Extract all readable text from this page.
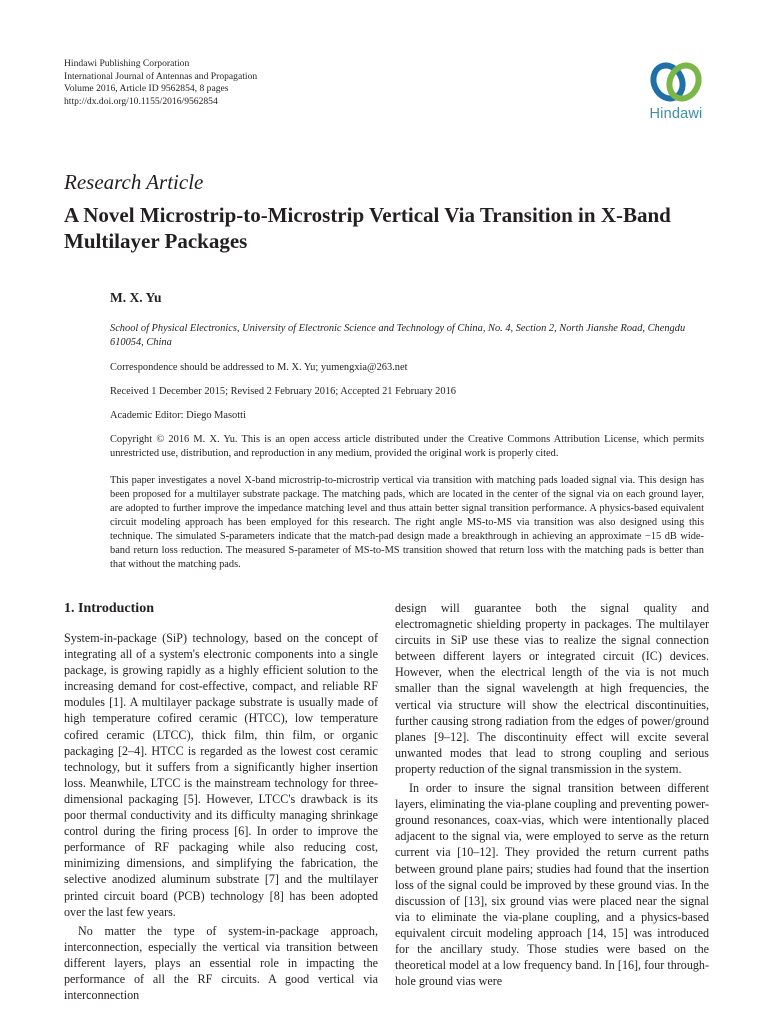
Hindawi Publishing Corporation
International Journal of Antennas and Propagation
Volume 2016, Article ID 9562854, 8 pages
http://dx.doi.org/10.1155/2016/9562854
Hindawi
Research Article
A Novel Microstrip-to-Microstrip Vertical Via Transition in X-Band Multilayer Packages
M. X. Yu
School of Physical Electronics, University of Electronic Science and Technology of China, No. 4, Section 2, North Jianshe Road, Chengdu 610054, China
Correspondence should be addressed to M. X. Yu; yumengxia@263.net
Received 1 December 2015; Revised 2 February 2016; Accepted 21 February 2016
Academic Editor: Diego Masotti
Copyright © 2016 M. X. Yu. This is an open access article distributed under the Creative Commons Attribution License, which permits unrestricted use, distribution, and reproduction in any medium, provided the original work is properly cited.
This paper investigates a novel X-band microstrip-to-microstrip vertical via transition with matching pads loaded signal via. This design has been proposed for a multilayer substrate package. The matching pads, which are located in the center of the signal via on each ground layer, are adopted to further improve the impedance matching level and thus attain better signal transition performance. A physics-based equivalent circuit modeling approach has been employed for this research. The right angle MS-to-MS via transition was also designed using this technique. The simulated S-parameters indicate that the match-pad design made a breakthrough in achieving an approximate −15 dB wide-band return loss reduction. The measured S-parameter of MS-to-MS transition showed that return loss with the matching pads is better than that without the matching pads.
1. Introduction

System-in-package (SiP) technology, based on the concept of integrating all of a system's electronic components into a single package, is growing rapidly as a highly efficient solution to the increasing demand for cost-effective, compact, and reliable RF modules [1]. A multilayer package substrate is usually made of high temperature cofired ceramic (HTCC), low temperature cofired ceramic (LTCC), thick film, thin film, or organic packaging [2–4]. HTCC is regarded as the lowest cost ceramic technology, but it suffers from a significantly higher insertion loss. Meanwhile, LTCC is the mainstream technology for three-dimensional packaging [5]. However, LTCC's drawback is its poor thermal conductivity and its difficulty managing shrinkage control during the firing process [6]. In order to improve the performance of RF packaging while also reducing cost, minimizing dimensions, and simplifying the fabrication, the selective anodized aluminum substrate [7] and the multilayer printed circuit board (PCB) technology [8] has been adopted over the last few years.

No matter the type of system-in-package approach, interconnection, especially the vertical via transition between different layers, plays an essential role in impacting the performance of all the RF circuits. A good vertical via interconnection

design will guarantee both the signal quality and electromagnetic shielding property in packages. The multilayer circuits in SiP use these vias to realize the signal connection between different layers or integrated circuit (IC) devices. However, when the electrical length of the via is not much smaller than the signal wavelength at high frequencies, the vertical via structure will show the electrical discontinuities, further causing strong radiation from the edges of power/ground planes [9–12]. The discontinuity effect will excite several unwanted modes that lead to strong coupling and serious property reduction of the signal transmission in the system.

In order to insure the signal transition between different layers, eliminating the via-plane coupling and preventing power-ground resonances, coax-vias, which were intentionally placed adjacent to the signal via, were employed to serve as the return current via [10–12]. They provided the return current paths between ground plane pairs; studies had found that the insertion loss of the signal could be improved by these ground vias. In the discussion of [13], six ground vias were placed near the signal via to eliminate the via-plane coupling, and a physics-based equivalent circuit modeling approach [14, 15] was introduced for the ancillary study. Those studies were based on the theoretical model at a low frequency band. In [16], four through-hole ground vias were
